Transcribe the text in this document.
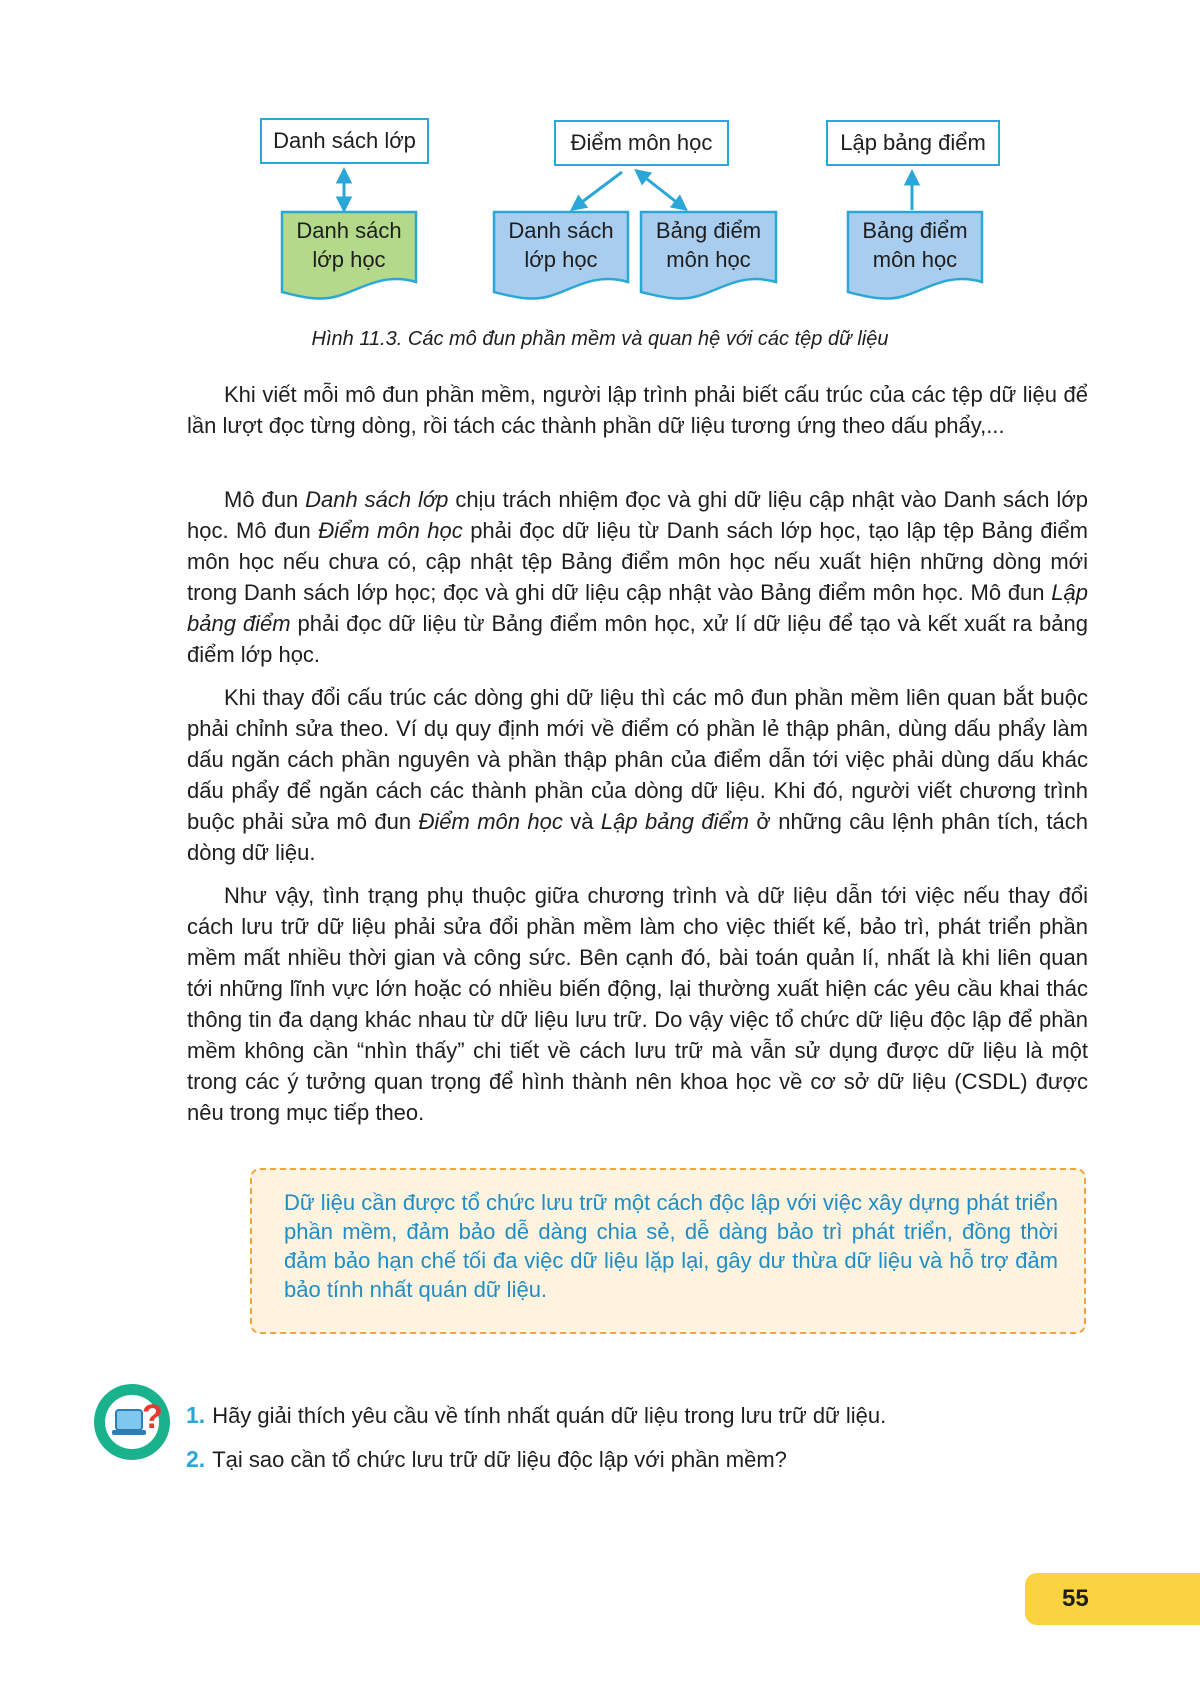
Danh sách lớp	Điểm môn học	Lập bảng điểm
Danh sách
lớp học
Danh sách
lớp học
Bảng điểm
môn học
Bảng điểm
môn học
Hình 11.3. Các mô đun phần mềm và quan hệ với các tệp dữ liệu

Khi viết mỗi mô đun phần mềm, người lập trình phải biết cấu trúc của các tệp dữ liệu để lần lượt đọc từng dòng, rồi tách các thành phần dữ liệu tương ứng theo dấu phẩy,...

Mô đun Danh sách lớp chịu trách nhiệm đọc và ghi dữ liệu cập nhật vào Danh sách lớp học. Mô đun Điểm môn học phải đọc dữ liệu từ Danh sách lớp học, tạo lập tệp Bảng điểm môn học nếu chưa có, cập nhật tệp Bảng điểm môn học nếu xuất hiện những dòng mới trong Danh sách lớp học; đọc và ghi dữ liệu cập nhật vào Bảng điểm môn học. Mô đun Lập bảng điểm phải đọc dữ liệu từ Bảng điểm môn học, xử lí dữ liệu để tạo và kết xuất ra bảng điểm lớp học.

Khi thay đổi cấu trúc các dòng ghi dữ liệu thì các mô đun phần mềm liên quan bắt buộc phải chỉnh sửa theo. Ví dụ quy định mới về điểm có phần lẻ thập phân, dùng dấu phẩy làm dấu ngăn cách phần nguyên và phần thập phân của điểm dẫn tới việc phải dùng dấu khác dấu phẩy để ngăn cách các thành phần của dòng dữ liệu. Khi đó, người viết chương trình buộc phải sửa mô đun Điểm môn học và Lập bảng điểm ở những câu lệnh phân tích, tách dòng dữ liệu.

Như vậy, tình trạng phụ thuộc giữa chương trình và dữ liệu dẫn tới việc nếu thay đổi cách lưu trữ dữ liệu phải sửa đổi phần mềm làm cho việc thiết kế, bảo trì, phát triển phần mềm mất nhiều thời gian và công sức. Bên cạnh đó, bài toán quản lí, nhất là khi liên quan tới những lĩnh vực lớn hoặc có nhiều biến động, lại thường xuất hiện các yêu cầu khai thác thông tin đa dạng khác nhau từ dữ liệu lưu trữ. Do vậy việc tổ chức dữ liệu độc lập để phần mềm không cần “nhìn thấy” chi tiết về cách lưu trữ mà vẫn sử dụng được dữ liệu là một trong các ý tưởng quan trọng để hình thành nên khoa học về cơ sở dữ liệu (CSDL) được nêu trong mục tiếp theo.

Dữ liệu cần được tổ chức lưu trữ một cách độc lập với việc xây dựng phát triển phần mềm, đảm bảo dễ dàng chia sẻ, dễ dàng bảo trì phát triển, đồng thời đảm bảo hạn chế tối đa việc dữ liệu lặp lại, gây dư thừa dữ liệu và hỗ trợ đảm bảo tính nhất quán dữ liệu.

? 1. Hãy giải thích yêu cầu về tính nhất quán dữ liệu trong lưu trữ dữ liệu.
2. Tại sao cần tổ chức lưu trữ dữ liệu độc lập với phần mềm?
55
